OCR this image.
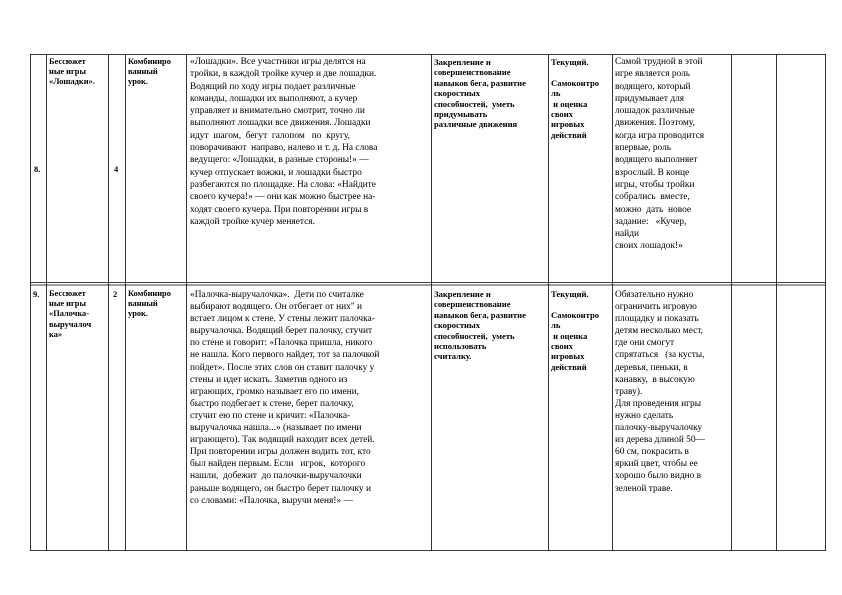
8.
Бессюжет
ные игры
«Лошадки».
4
Комбиниро
ванный
урок.
«Лошадки». Все участники игры делятся на
тройки, в каждой тройке кучер и две лошадки.
Водящий по ходу игры подает различные
команды, лошадки их выполняют, а кучер
управляет и внимательно смотрит, точно ли
выполняют лошадки все движения. Лошадки
идут  шагом,  бегут  галопом   по  кругу,
поворачивают  направо, налево и т. д. На слова
ведущего: «Лошадки, в разные стороны!» —
кучер отпускает вожжи, и лошадки быстро
разбегаются по площадке. На слова: «Найдите
своего кучера!» — они как можно быстрее на-
ходят своего кучера. При повторении игры в
каждой тройке кучер меняется.
Закрепление и
совершенствование
навыков бега, развитие
скоростных
способностей,  уметь
придумывать
различные движения
Текущий.

Самоконтро
ль
и оценка
своих
игровых
действий
Самой трудной в этой
игре является роль
водящего, который
придумывает для
лошадок различные
движения. Поэтому,
когда игра проводится
впервые, роль
водящего выполняет
взрослый. В конце
игры, чтобы тройки
собрались  вместе,
можно  дать  новое
задание:   «Кучер,
найди
своих лошадок!»
9. Бессюжет
ные игры
«Палочка-
выручалоч
ка»
2 Комбиниро
ванный
урок.
«Палочка-выручалочка».  Дети по считалке
выбирают водящего. Он отбегает от них" и
встает лицом к стене. У стены лежит палочка-
выручалочка. Водящий берет палочку, стучит
по стене и говорит: «Палочка пришла, никого
не нашла. Кого первого найдет, тот за палочкой
пойдет». После этих слов он ставит палочку у
стены и идет искать. Заметив одного из
играющих, громко называет его по имени,
быстро подбегает к стене, берет палочку,
стучит ею по стене и кричит: «Палочка-
выручалочка нашла...» (называет по имени
играющего). Так водящий находит всех детей.
При повторении игры должен водить тот, кто
был найден первым. Если   игрок,  которого
нашли,  добежит  до палочки-выручалочки
раньше водящего, он быстро берет палочку и
со словами: «Палочка, выручи меня!» —
Закрепление и
совершенствование
навыков бега, развитие
скоростных
способностей,  уметь
использовать
считалку.
Текущий.

Самоконтро
ль
и оценка
своих
игровых
действий
Обязательно нужно
ограничить игровую
площадку и показать
детям несколько мест,
где они смогут
спрятаться   (за кусты,
деревья, пеньки, в
канавку,  в высокую
траву).
Для проведения игры
нужно сделать
палочку-выручалочку
из дерева длиной 50—
60 см, покрасить в
яркий цвет, чтобы ее
хорошо было видно в
зеленой траве.
